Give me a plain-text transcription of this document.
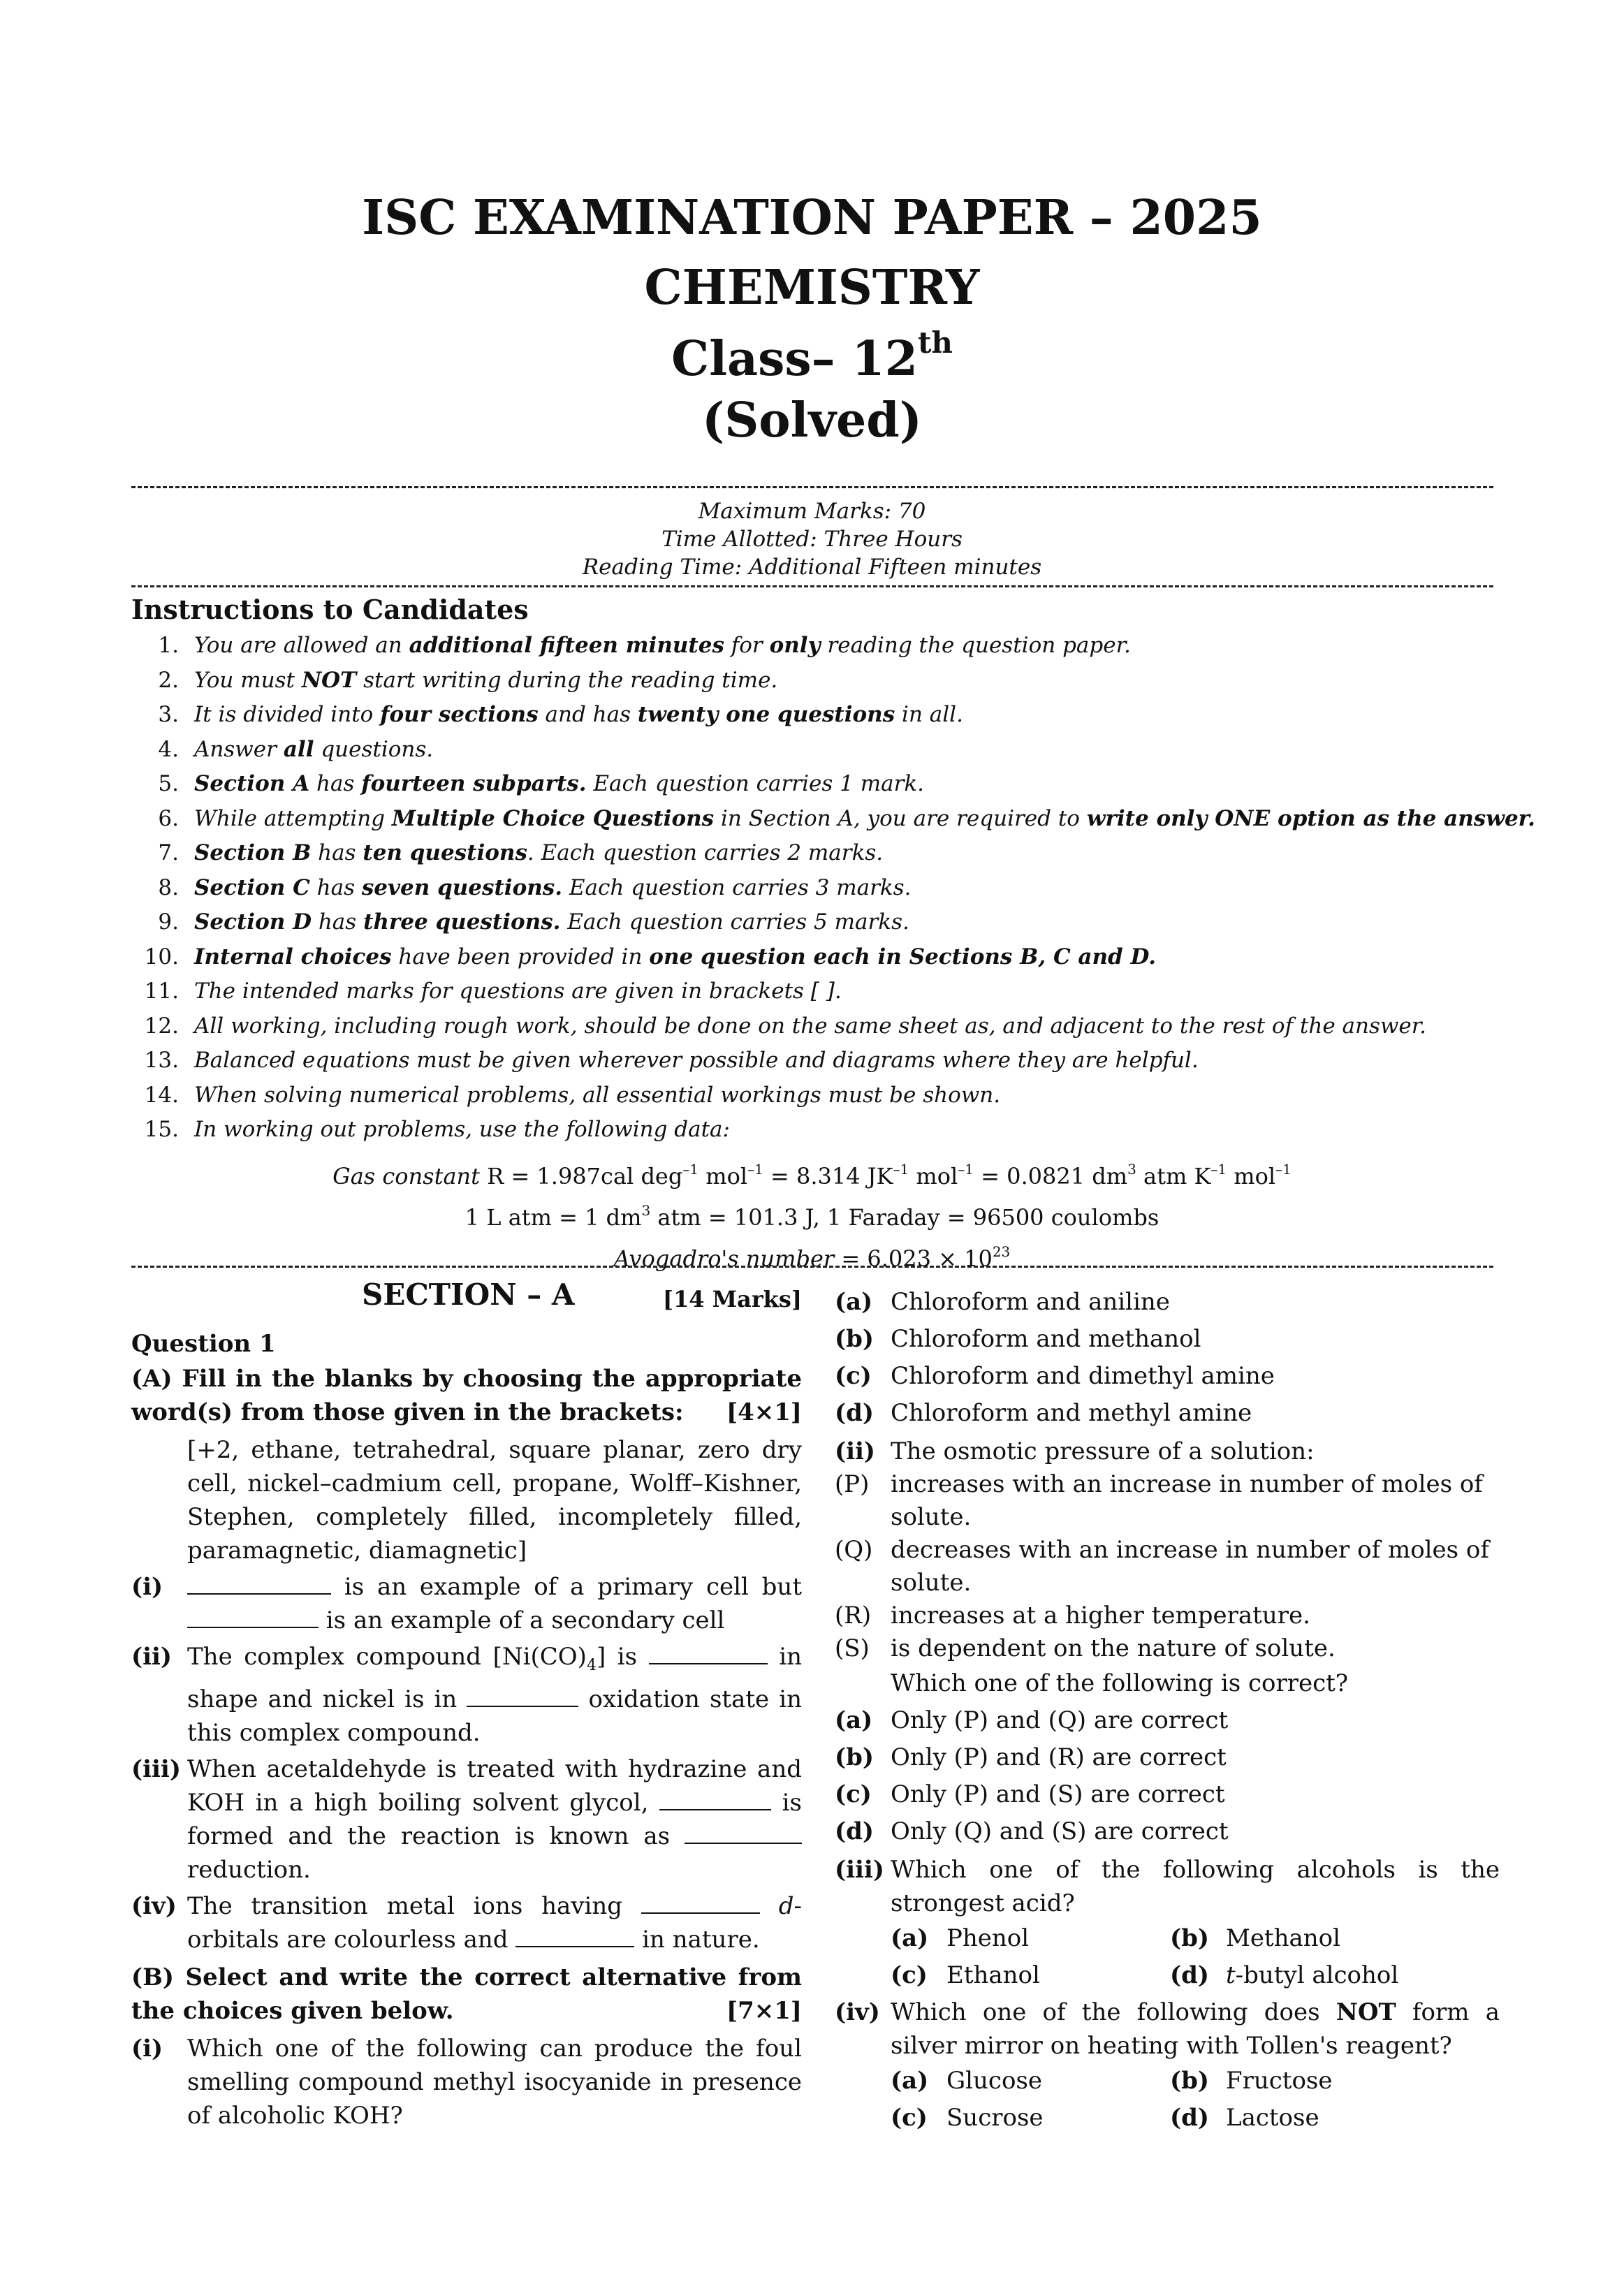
ISC EXAMINATION PAPER – 2025
CHEMISTRY
Class– 12th
(Solved)
Maximum Marks: 70
Time Allotted: Three Hours
Reading Time: Additional Fifteen minutes
Instructions to Candidates
1. You are allowed an additional fifteen minutes for only reading the question paper.
2. You must NOT start writing during the reading time.
3. It is divided into four sections and has twenty one questions in all.
4. Answer all questions.
5. Section A has fourteen subparts. Each question carries 1 mark.
6. While attempting Multiple Choice Questions in Section A, you are required to write only ONE option as the answer.
7. Section B has ten questions. Each question carries 2 marks.
8. Section C has seven questions. Each question carries 3 marks.
9. Section D has three questions. Each question carries 5 marks.
10. Internal choices have been provided in one question each in Sections B, C and D.
11. The intended marks for questions are given in brackets [ ].
12. All working, including rough work, should be done on the same sheet as, and adjacent to the rest of the answer.
13. Balanced equations must be given wherever possible and diagrams where they are helpful.
14. When solving numerical problems, all essential workings must be shown.
15. In working out problems, use the following data:
Gas constant R = 1.987cal deg$^{-1}$ mol$^{-1}$ = 8.314 $JK^{-1}$ mol$^{-1}$ = 0.0821 $dm^3$ atm $K^{-1}$ mol$^{-1}$
1 L atm = 1 $dm^3$ atm = 101.3 J, 1 Faraday = 96500 coulombs
Avogadro's number = $6.023 \times 10^{23}$
SECTION – A	[14 Marks]
Question 1
(A) Fill in the blanks by choosing the appropriate word(s) from those given in the brackets: [4×1]
[+2, ethane, tetrahedral, square planar, zero dry cell, nickel–cadmium cell, propane, Wolff–Kishner, Stephen, completely filled, incompletely filled, paramagnetic, diamagnetic]
(i)	is an example of a primary cell but  is an example of a secondary cell
(ii) The complex compound $[Ni(CO)_4]$ is	in shape and nickel is in	oxidation state in this complex compound.
(iii) When acetaldehyde is treated with hydrazine and KOH in a high boiling solvent glycol,	is formed and the reaction is known as  reduction.
(iv) The transition metal ions having	d-orbitals are colourless and	in nature.
(B) Select and write the correct alternative from the choices given below.	[7×1]
(i) Which one of the following can produce the foul smelling compound methyl isocyanide in presence of alcoholic KOH?
(a) Chloroform and aniline
(b) Chloroform and methanol
(c) Chloroform and dimethyl amine
(d) Chloroform and methyl amine
(ii) The osmotic pressure of a solution:
(P) increases with an increase in number of moles of solute.
(Q) decreases with an increase in number of moles of solute.
(R) increases at a higher temperature.
(S) is dependent on the nature of solute.
Which one of the following is correct?
(a) Only (P) and (Q) are correct
(b) Only (P) and (R) are correct
(c) Only (P) and (S) are correct
(d) Only (Q) and (S) are correct
(iii) Which one of the following alcohols is the strongest acid?
(a) Phenol	(b) Methanol
(c) Ethanol	(d) t-butyl alcohol
(iv) Which one of the following does NOT form a silver mirror on heating with Tollen's reagent?
(a) Glucose	(b) Fructose
(c) Sucrose	(d) Lactose
